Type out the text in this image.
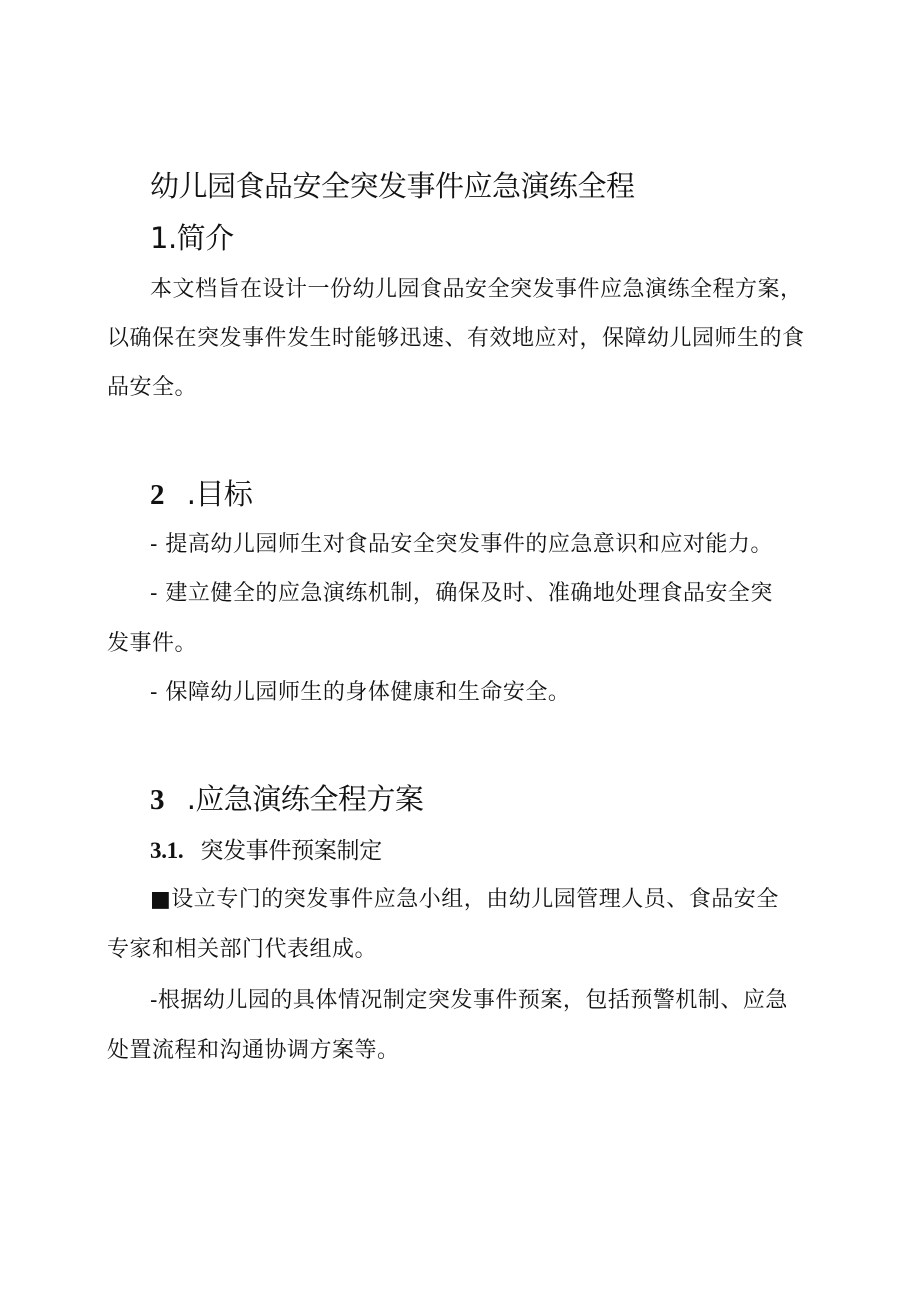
幼儿园食品安全突发事件应急演练全程
1.简介
本文档旨在设计一份幼儿园食品安全突发事件应急演练全程方案，
以确保在突发事件发生时能够迅速、有效地应对，保障幼儿园师生的食
品安全。
2 .目标
- 提高幼儿园师生对食品安全突发事件的应急意识和应对能力。
- 建立健全的应急演练机制，确保及时、准确地处理食品安全突
发事件。
- 保障幼儿园师生的身体健康和生命安全。
3 .应急演练全程方案
3.1. 突发事件预案制定
■设立专门的突发事件应急小组，由幼儿园管理人员、食品安全
专家和相关部门代表组成。
-根据幼儿园的具体情况制定突发事件预案，包括预警机制、应急
处置流程和沟通协调方案等。
